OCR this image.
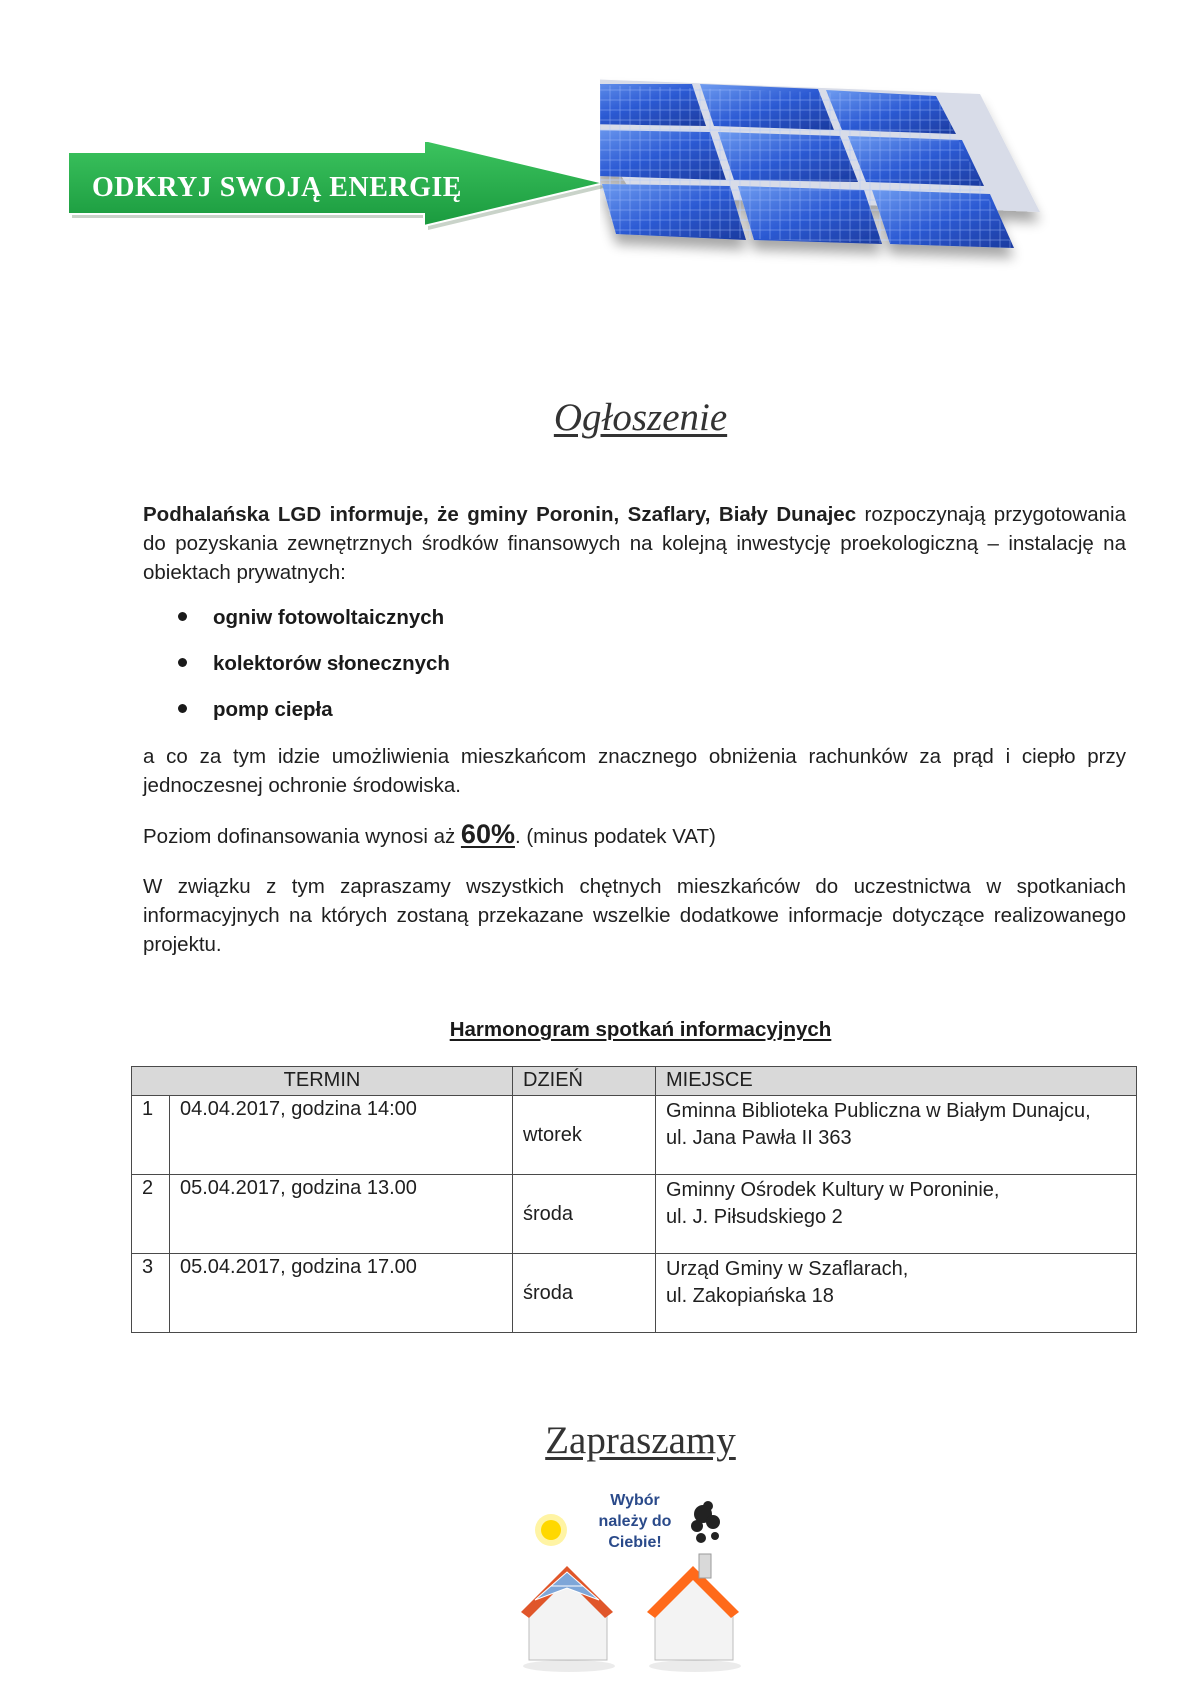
ODKRYJ SWOJĄ ENERGIĘ
Ogłoszenie
Podhalańska LGD informuje, że gminy Poronin, Szaflary, Biały Dunajec rozpoczynają przygotowania do pozyskania zewnętrznych środków finansowych na kolejną inwestycję proekologiczną – instalację na obiektach prywatnych:
ogniw fotowoltaicznych
kolektorów słonecznych
pomp ciepła
a co za tym idzie umożliwienia mieszkańcom znacznego obniżenia rachunków za prąd i ciepło przy jednoczesnej ochronie środowiska.
Poziom dofinansowania wynosi aż 60%. (minus podatek VAT)
W związku z tym zapraszamy wszystkich chętnych mieszkańców do uczestnictwa w spotkaniach informacyjnych na których zostaną przekazane wszelkie dodatkowe informacje dotyczące realizowanego projektu.
Harmonogram spotkań informacyjnych
TERMIN		DZIEŃ	MIEJSCE

1	04.04.2017, godzina 14:00	wtorek	Gminna Biblioteka Publiczna w Białym Dunajcu,
ul. Jana Pawła II 363

2	05.04.2017, godzina 13.00	środa	Gminny Ośrodek Kultury w Poroninie,
ul. J. Piłsudskiego 2

3	05.04.2017, godzina 17.00	środa	Urząd Gminy w Szaflarach,
ul. Zakopiańska 18
Zapraszamy
Wybór
należy do
Ciebie!
